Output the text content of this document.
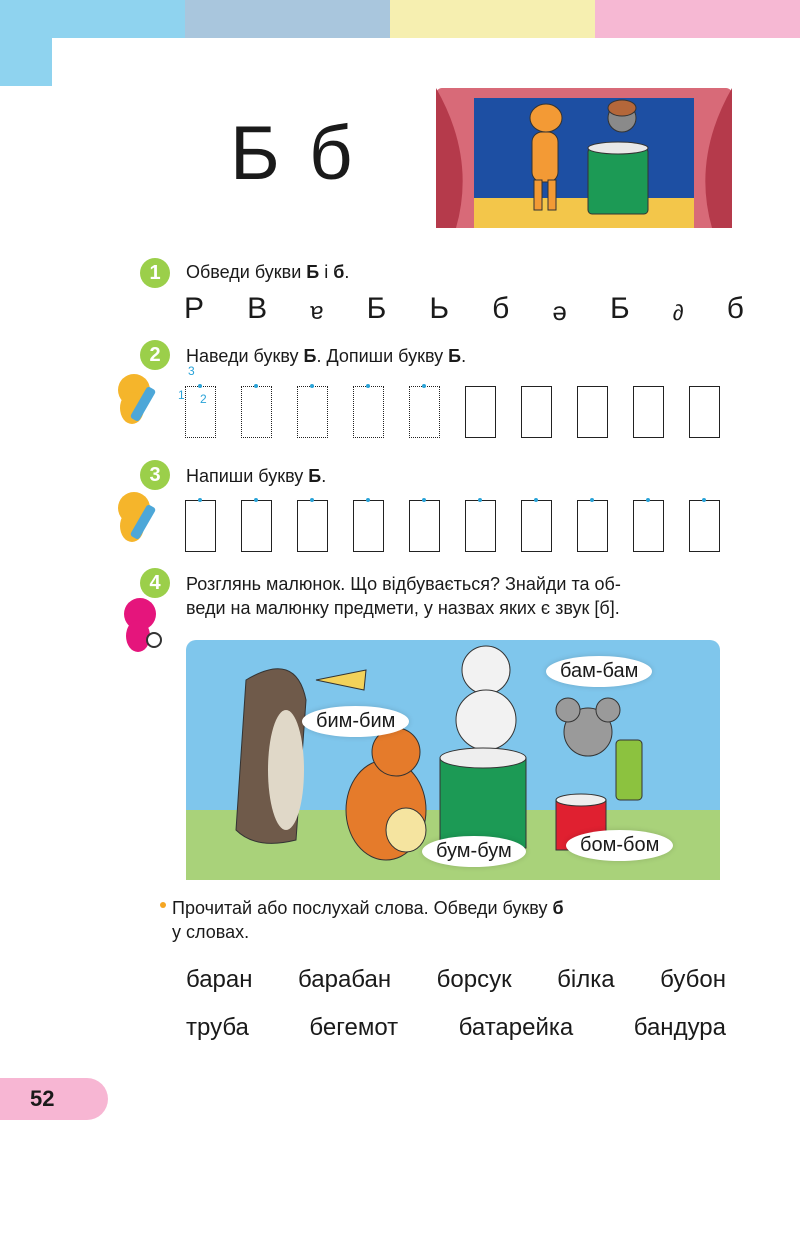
Б б
1	Обведи букви Б і б.
Р В ɐ Б Ь б ǝ Б ∂ б
2	Наведи букву Б. Допиши букву Б.
3
1 2
3	Напиши букву Б.
4	Розглянь малюнок. Що відбувається? Знайди та об-
веди на малюнку предмети, у назвах яких є звук [б].
бим-бим
бам-бам
бум-бум	бом-бом
Прочитай або послухай слова. Обведи букву б
у словах.
баран барабан борсук білка бубон
труба	бегемот	батарейка	бандура
52
